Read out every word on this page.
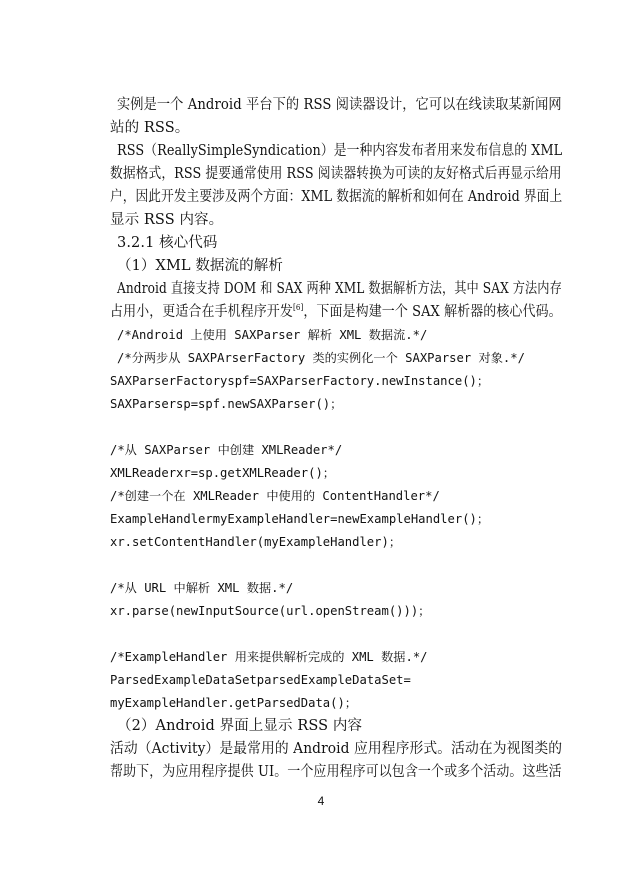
实例是一个 Android 平台下的 RSS 阅读器设计，它可以在线读取某新闻网
站的 RSS。
RSS（ReallySimpleSyndication）是一种内容发布者用来发布信息的 XML
数据格式，RSS 提要通常使用 RSS 阅读器转换为可读的友好格式后再显示给用
户，因此开发主要涉及两个方面：XML 数据流的解析和如何在 Android 界面上
显示 RSS 内容。
3.2.1 核心代码
（1）XML 数据流的解析
Android 直接支持 DOM 和 SAX 两种 XML 数据解析方法，其中 SAX 方法内存
占用小，更适合在手机程序开发[6]，下面是构建一个 SAX 解析器的核心代码。
/*Android 上使用 SAXParser 解析 XML 数据流.*/
/*分两步从 SAXPArserFactory 类的实例化一个 SAXParser 对象.*/
SAXParserFactoryspf=SAXParserFactory.newInstance()；
SAXParsersp=spf.newSAXParser()；
/*从 SAXParser 中创建 XMLReader*/
XMLReaderxr=sp.getXMLReader()；
/*创建一个在 XMLReader 中使用的 ContentHandler*/
ExampleHandlermyExampleHandler=newExampleHandler()；
xr.setContentHandler(myExampleHandler)；
/*从 URL 中解析 XML 数据.*/
xr.parse(newInputSource(url.openStream()))；
/*ExampleHandler 用来提供解析完成的 XML 数据.*/
ParsedExampleDataSetparsedExampleDataSet=
myExampleHandler.getParsedData()；
（2）Android 界面上显示 RSS 内容
活动（Activity）是最常用的 Android 应用程序形式。活动在为视图类的
帮助下，为应用程序提供 UI。一个应用程序可以包含一个或多个活动。这些活
4
